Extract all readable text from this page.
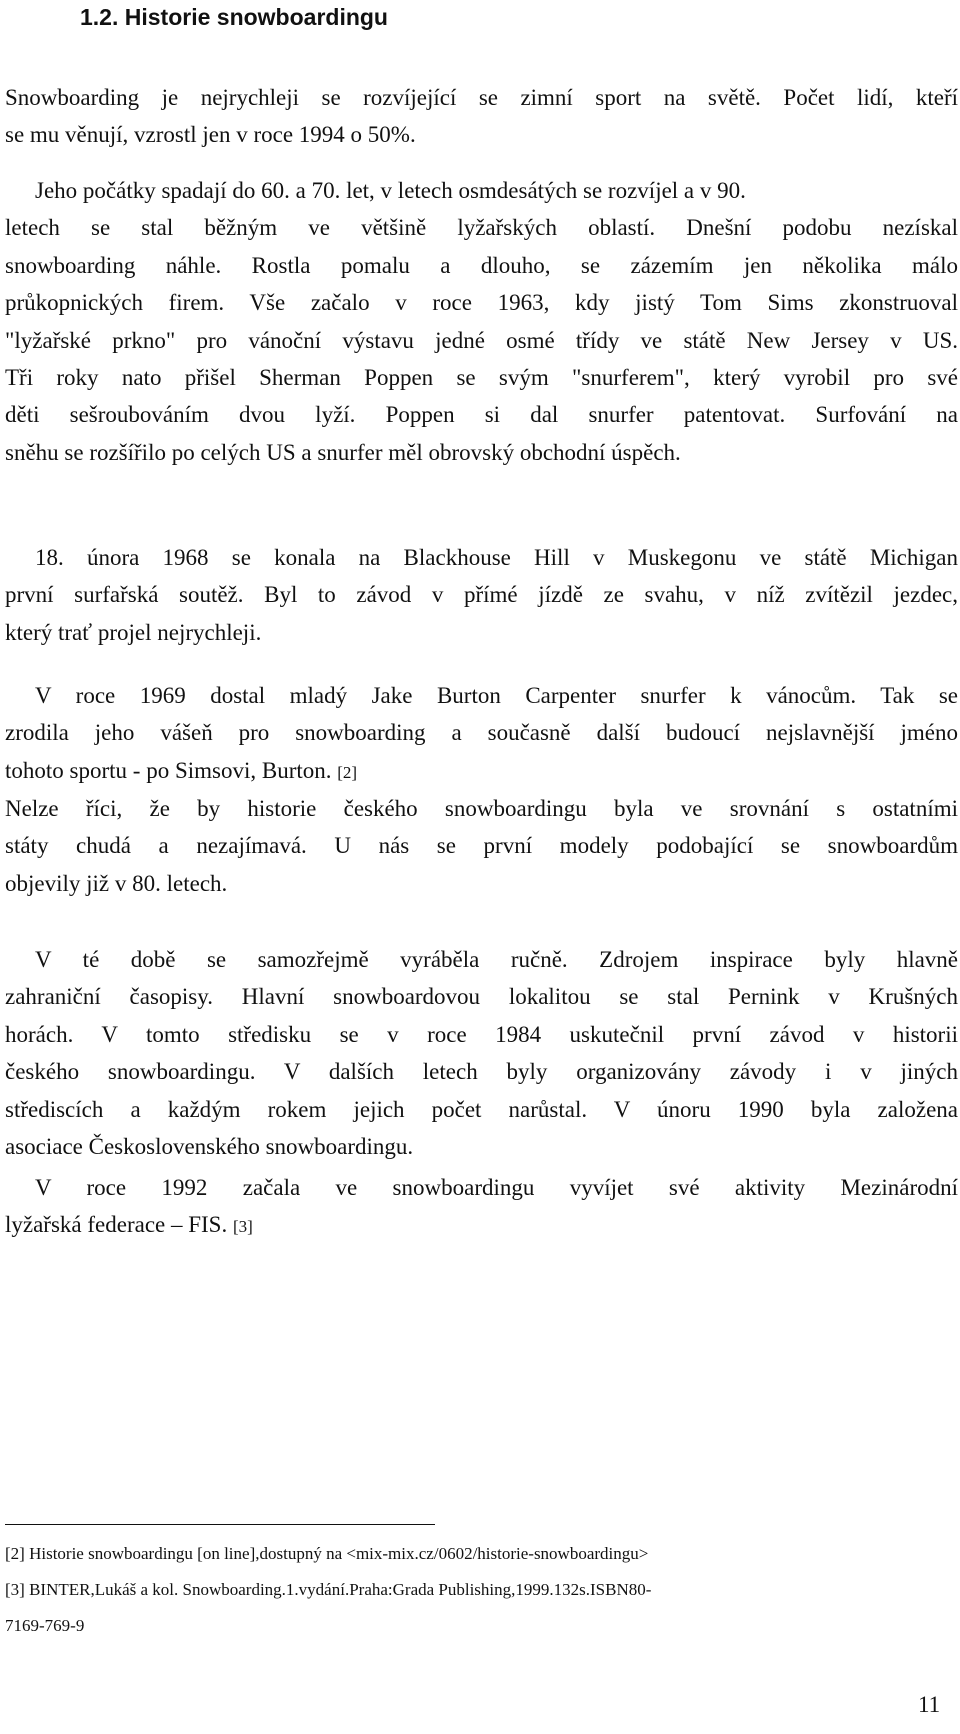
1.2. Historie snowboardingu
Snowboarding je nejrychleji se rozvíjející se zimní sport na světě. Počet lidí, kteří
se mu věnují, vzrostl jen v roce 1994 o 50%.
Jeho počátky spadají do 60. a 70. let, v letech osmdesátých se rozvíjel a v 90.
letech se stal běžným ve většině lyžařských oblastí. Dnešní podobu nezískal
snowboarding náhle. Rostla pomalu a dlouho, se zázemím jen několika málo
průkopnických firem. Vše začalo v roce 1963, kdy jistý Tom Sims zkonstruoval
"lyžařské prkno" pro vánoční výstavu jedné osmé třídy ve státě New Jersey v US.
Tři roky nato přišel Sherman Poppen se svým "snurferem", který vyrobil pro své
děti sešroubováním dvou lyží. Poppen si dal snurfer patentovat. Surfování na
sněhu se rozšířilo po celých US a snurfer měl obrovský obchodní úspěch.
18. února 1968 se konala na Blackhouse Hill v Muskegonu ve státě Michigan
první surfařská soutěž. Byl to závod v přímé jízdě ze svahu, v níž zvítězil jezdec,
který trať projel nejrychleji.
V roce 1969 dostal mladý Jake Burton Carpenter snurfer k vánocům. Tak se
zrodila jeho vášeň pro snowboarding a současně další budoucí nejslavnější jméno
tohoto sportu - po Simsovi, Burton. [2]
Nelze říci, že by historie českého snowboardingu byla ve srovnání s ostatními
státy chudá a nezajímavá. U nás se první modely podobající se snowboardům
objevily již v 80. letech.
V té době se samozřejmě vyráběla ručně. Zdrojem inspirace byly hlavně
zahraniční časopisy. Hlavní snowboardovou lokalitou se stal Pernink v Krušných
horách. V tomto středisku se v roce 1984 uskutečnil první závod v historii
českého snowboardingu. V dalších letech byly organizovány závody i v jiných
střediscích a každým rokem jejich počet narůstal. V únoru 1990 byla založena
asociace Československého snowboardingu.
V roce 1992 začala ve snowboardingu vyvíjet své aktivity Mezinárodní
lyžařská federace – FIS. [3]
[2] Historie snowboardingu [on line],dostupný na <mix-mix.cz/0602/historie-snowboardingu>
[3] BINTER,Lukáš a kol. Snowboarding.1.vydání.Praha:Grada Publishing,1999.132s.ISBN80-
7169-769-9
11
